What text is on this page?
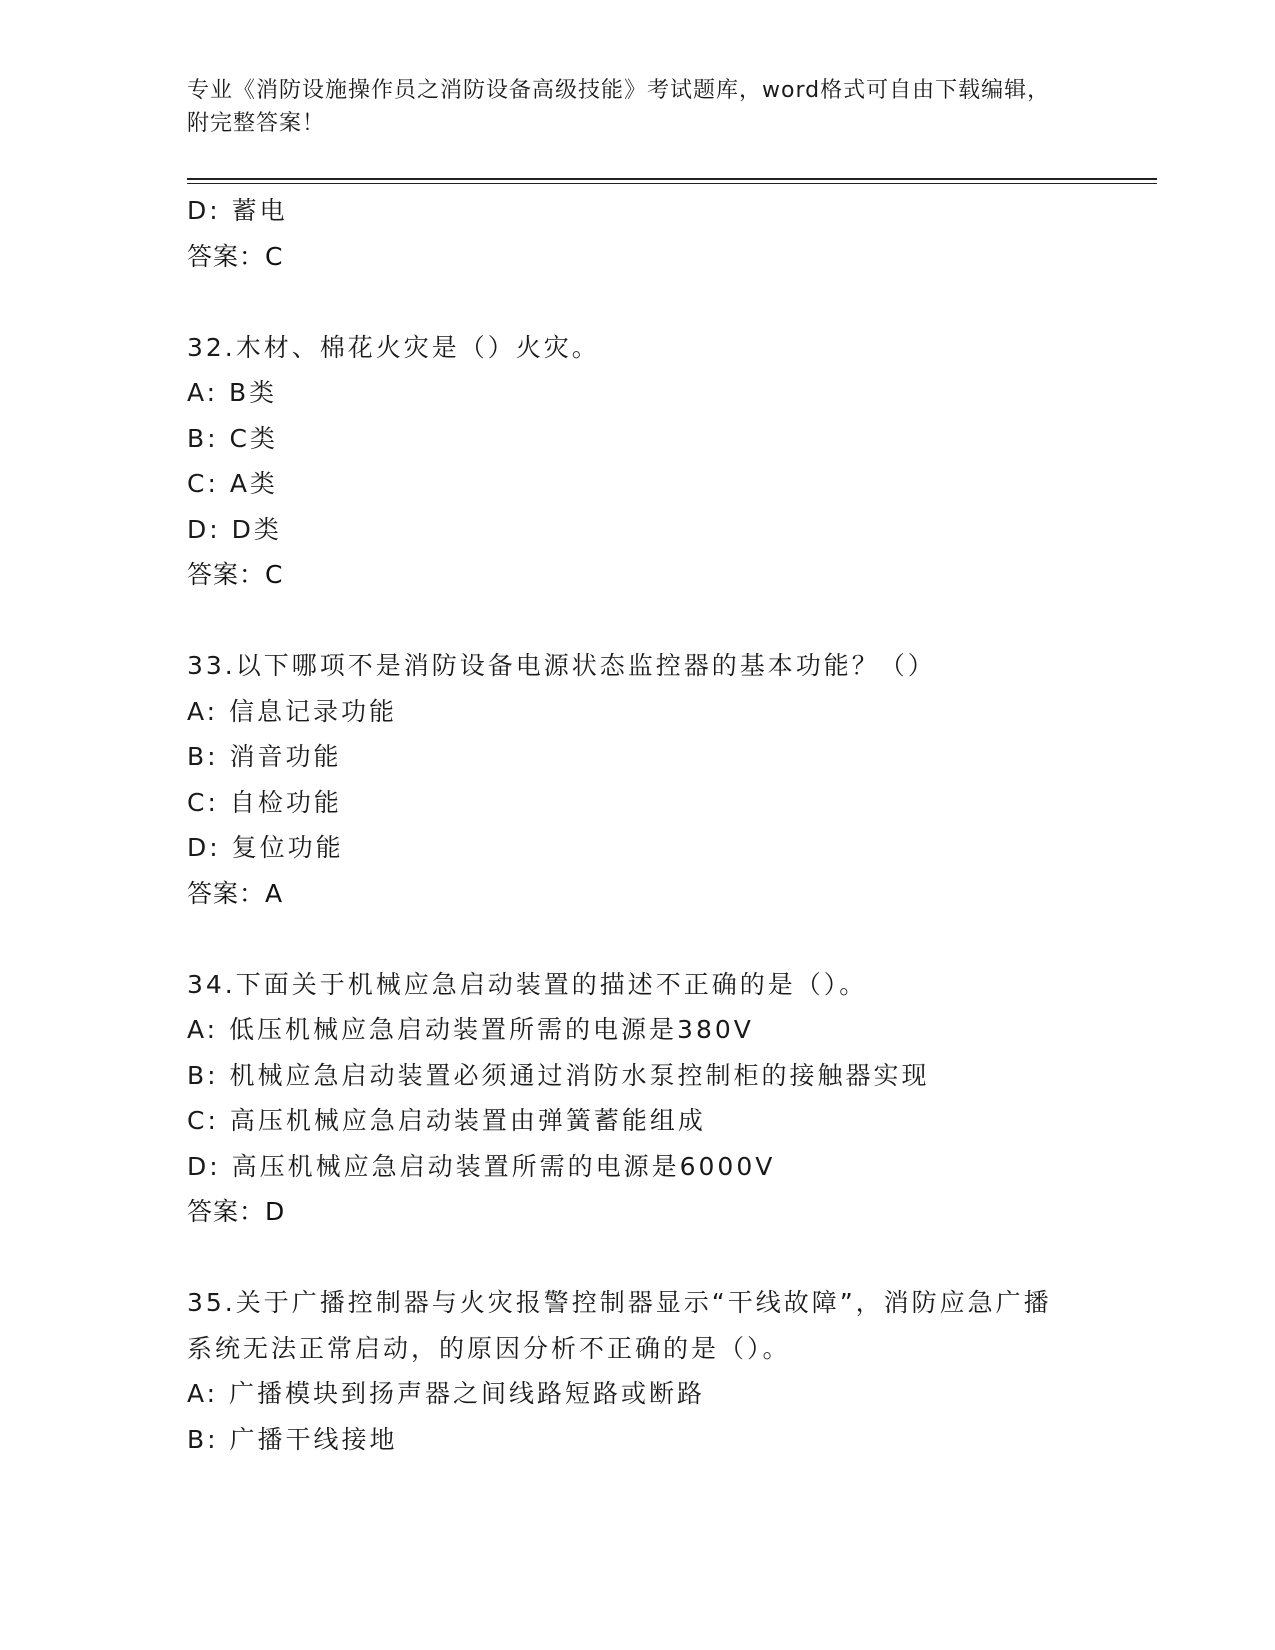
专业《消防设施操作员之消防设备高级技能》考试题库，word格式可自由下载编辑，附完整答案！
D: 蓄电
答案：C
32.木材、棉花火灾是（）火灾。
A: B类
B: C类
C: A类
D: D类
答案：C
33.以下哪项不是消防设备电源状态监控器的基本功能？（）
A: 信息记录功能
B: 消音功能
C: 自检功能
D: 复位功能
答案：A
34.下面关于机械应急启动装置的描述不正确的是（）。
A: 低压机械应急启动装置所需的电源是380V
B: 机械应急启动装置必须通过消防水泵控制柜的接触器实现
C: 高压机械应急启动装置由弹簧蓄能组成
D: 高压机械应急启动装置所需的电源是6000V
答案：D
35.关于广播控制器与火灾报警控制器显示“干线故障”，消防应急广播系统无法正常启动，的原因分析不正确的是（）。
A: 广播模块到扬声器之间线路短路或断路
B: 广播干线接地
